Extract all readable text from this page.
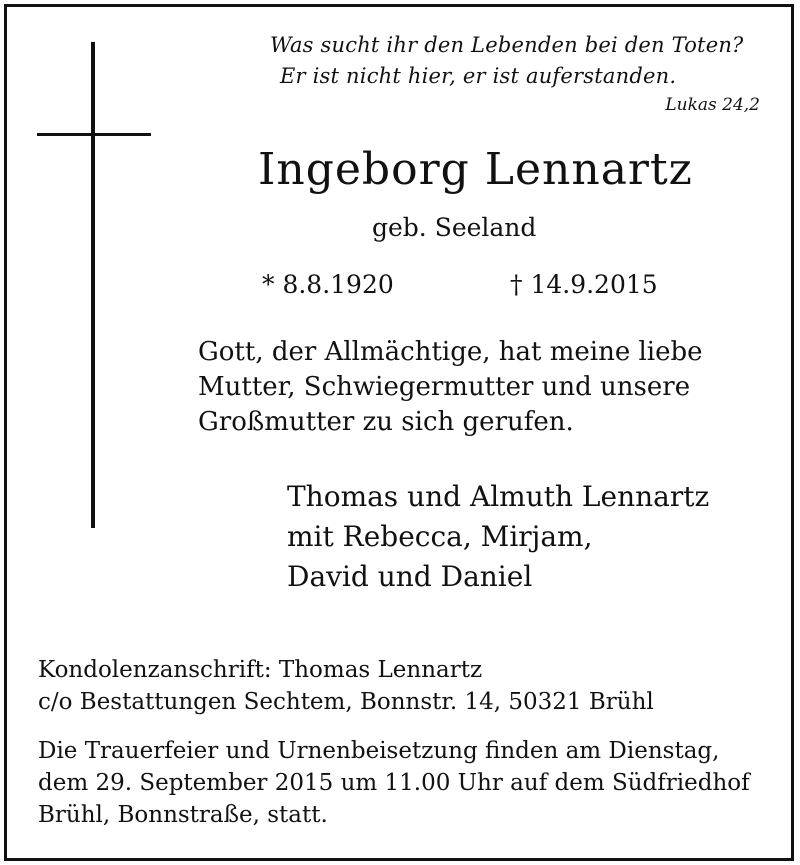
Was sucht ihr den Lebenden bei den Toten?
Er ist nicht hier, er ist auferstanden.
Lukas 24,2
Ingeborg Lennartz
geb. Seeland
* 8.8.1920	† 14.9.2015
Gott, der Allmächtige, hat meine liebe
Mutter, Schwiegermutter und unsere
Großmutter zu sich gerufen.
Thomas und Almuth Lennartz
mit Rebecca, Mirjam,
David und Daniel
Kondolenzanschrift: Thomas Lennartz
c/o Bestattungen Sechtem, Bonnstr. 14, 50321 Brühl
Die Trauerfeier und Urnenbeisetzung finden am Dienstag,
dem 29. September 2015 um 11.00 Uhr auf dem Südfriedhof
Brühl, Bonnstraße, statt.
